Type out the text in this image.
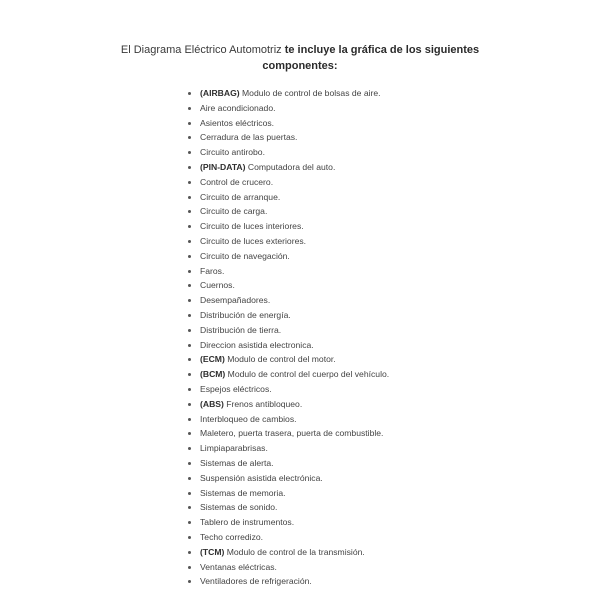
El Diagrama Eléctrico Automotriz te incluye la gráfica de los siguientes
componentes:
(AIRBAG) Modulo de control de bolsas de aire.
Aire acondicionado.
Asientos eléctricos.
Cerradura de las puertas.
Circuito antirobo.
(PIN-DATA) Computadora del auto.
Control de crucero.
Circuito de arranque.
Circuito de carga.
Circuito de luces interiores.
Circuito de luces exteriores.
Circuito de navegación.
Faros.
Cuernos.
Desempañadores.
Distribución de energía.
Distribución de tierra.
Direccion asistida electronica.
(ECM) Modulo de control del motor.
(BCM) Modulo de control del cuerpo del vehículo.
Espejos eléctricos.
(ABS) Frenos antibloqueo.
Interbloqueo de cambios.
Maletero, puerta trasera, puerta de combustible.
Limpiaparabrisas.
Sistemas de alerta.
Suspensión asistida electrónica.
Sistemas de memoria.
Sistemas de sonido.
Tablero de instrumentos.
Techo corredizo.
(TCM) Modulo de control de la transmisión.
Ventanas eléctricas.
Ventiladores de refrigeración.
